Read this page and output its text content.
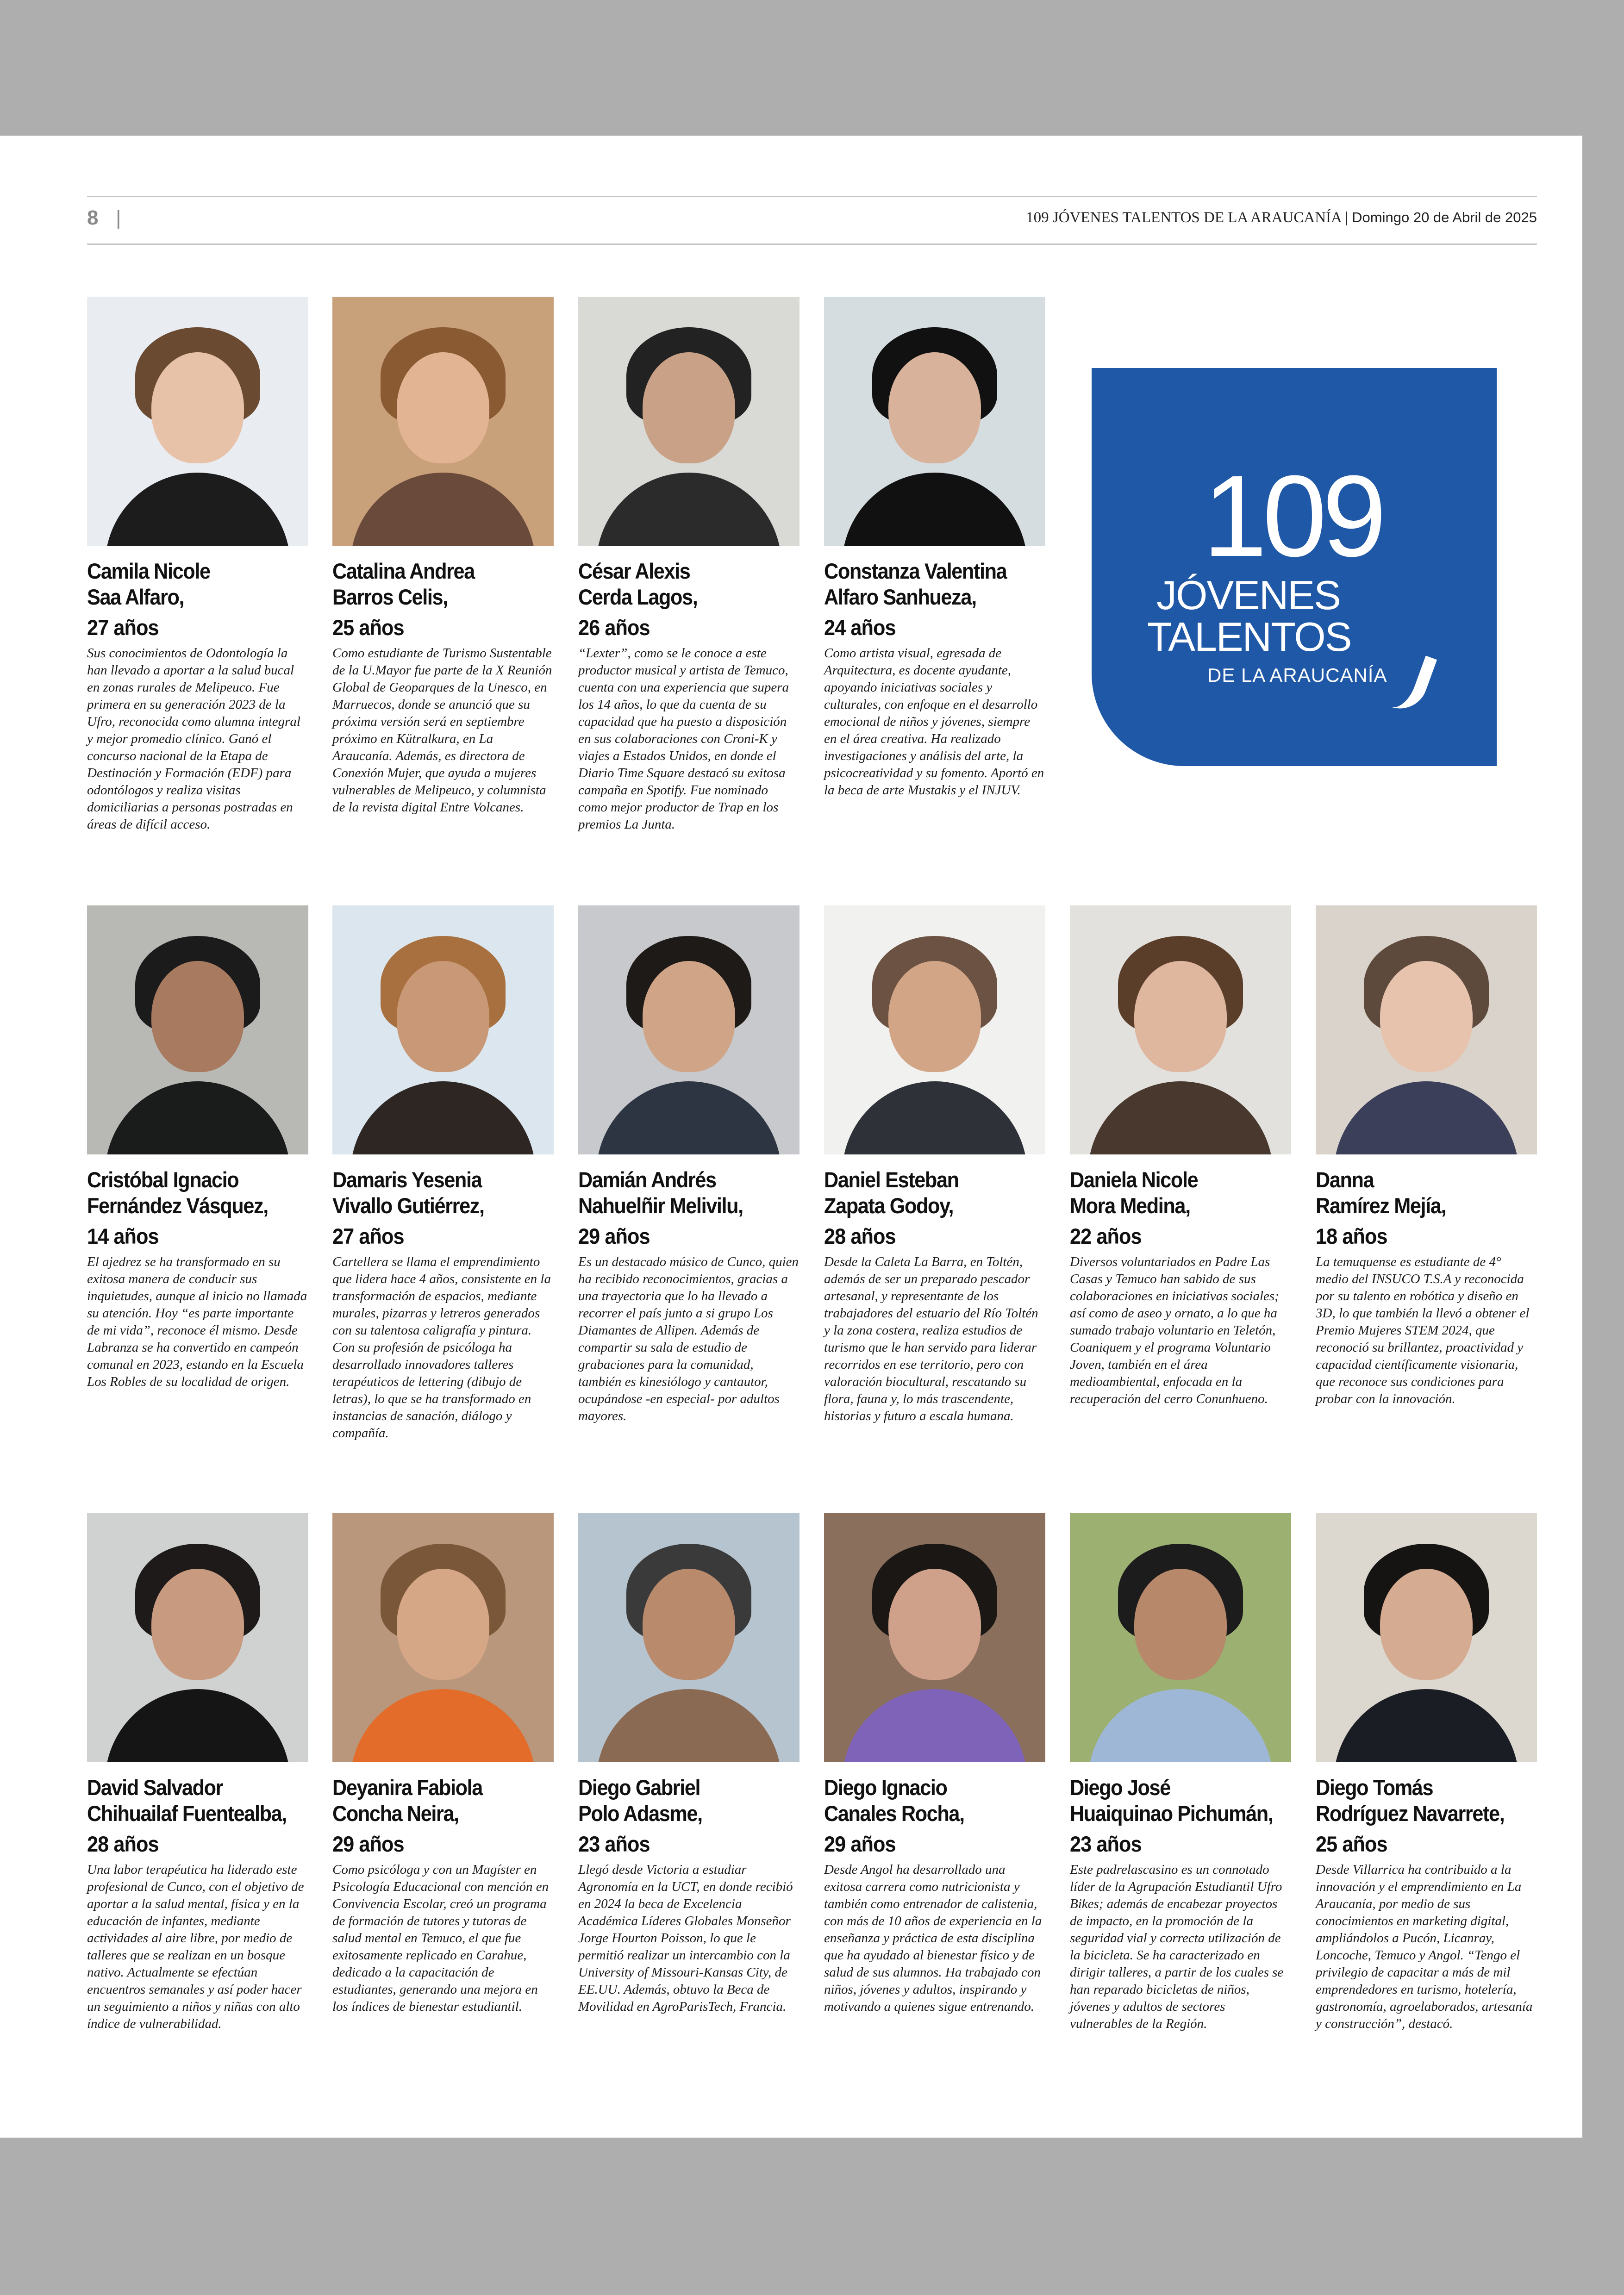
8 |	109 JÓVENES TALENTOS DE LA ARAUCANÍA | Domingo 20 de Abril de 2025
109
JÓVENES
TALENTOS
DE LA ARAUCANÍA
Camila Nicole
Saa Alfaro,
27 años
Sus conocimientos de Odontología la han llevado a aportar a la salud bucal en zonas rurales de Melipeuco. Fue primera en su generación 2023 de la Ufro, reconocida como alumna integral y mejor promedio clínico. Ganó el concurso nacional de la Etapa de Destinación y Formación (EDF) para odontólogos y realiza visitas domiciliarias a personas postradas en áreas de difícil acceso.
Catalina Andrea
Barros Celis,
25 años
Como estudiante de Turismo Sustentable de la U.Mayor fue parte de la X Reunión Global de Geoparques de la Unesco, en Marruecos, donde se anunció que su próxima versión será en septiembre próximo en Kütralkura, en La Araucanía. Además, es directora de Conexión Mujer, que ayuda a mujeres vulnerables de Melipeuco, y columnista de la revista digital Entre Volcanes.
César Alexis
Cerda Lagos,
26 años
“Lexter”, como se le conoce a este productor musical y artista de Temuco, cuenta con una experiencia que supera los 14 años, lo que da cuenta de su capacidad que ha puesto a disposición en sus colaboraciones con Croni-K y viajes a Estados Unidos, en donde el Diario Time Square destacó su exitosa campaña en Spotify. Fue nominado como mejor productor de Trap en los premios La Junta.
Constanza Valentina
Alfaro Sanhueza,
24 años
Como artista visual, egresada de Arquitectura, es docente ayudante, apoyando iniciativas sociales y culturales, con enfoque en el desarrollo emocional de niños y jóvenes, siempre en el área creativa. Ha realizado investigaciones y análisis del arte, la psicocreatividad y su fomento. Aportó en la beca de arte Mustakis y el INJUV.
Cristóbal Ignacio
Fernández Vásquez,
14 años
El ajedrez se ha transformado en su exitosa manera de conducir sus inquietudes, aunque al inicio no llamada su atención. Hoy “es parte importante de mi vida”, reconoce él mismo. Desde Labranza se ha convertido en campeón comunal en 2023, estando en la Escuela Los Robles de su localidad de origen.
Damaris Yesenia
Vivallo Gutiérrez,
27 años
Cartellera se llama el emprendimiento que lidera hace 4 años, consistente en la transformación de espacios, mediante murales, pizarras y letreros generados con su talentosa caligrafía y pintura. Con su profesión de psicóloga ha desarrollado innovadores talleres terapéuticos de lettering (dibujo de letras), lo que se ha transformado en instancias de sanación, diálogo y compañía.
Damián Andrés
Nahuelñir Melivilu,
29 años
Es un destacado músico de Cunco, quien ha recibido reconocimientos, gracias a una trayectoria que lo ha llevado a recorrer el país junto a si grupo Los Diamantes de Allipen. Además de compartir su sala de estudio de grabaciones para la comunidad, también es kinesiólogo y cantautor, ocupándose -en especial- por adultos mayores.
Daniel Esteban
Zapata Godoy,
28 años
Desde la Caleta La Barra, en Toltén, además de ser un preparado pescador artesanal, y representante de los trabajadores del estuario del Río Toltén y la zona costera, realiza estudios de turismo que le han servido para liderar recorridos en ese territorio, pero con valoración biocultural, rescatando su flora, fauna y, lo más trascendente, historias y futuro a escala humana.
Daniela Nicole
Mora Medina,
22 años
Diversos voluntariados en Padre Las Casas y Temuco han sabido de sus colaboraciones en iniciativas sociales; así como de aseo y ornato, a lo que ha sumado trabajo voluntario en Teletón, Coaniquem y el programa Voluntario Joven, también en el área medioambiental, enfocada en la recuperación del cerro Conunhueno.
Danna
Ramírez Mejía,
18 años
La temuquense es estudiante de 4° medio del INSUCO T.S.A y reconocida por su talento en robótica y diseño en 3D, lo que también la llevó a obtener el Premio Mujeres STEM 2024, que reconoció su brillantez, proactividad y capacidad científicamente visionaria, que reconoce sus condiciones para probar con la innovación.
David Salvador
Chihuailaf Fuentealba,
28 años
Una labor terapéutica ha liderado este profesional de Cunco, con el objetivo de aportar a la salud mental, física y en la educación de infantes, mediante actividades al aire libre, por medio de talleres que se realizan en un bosque nativo. Actualmente se efectúan encuentros semanales y así poder hacer un seguimiento a niños y niñas con alto índice de vulnerabilidad.
Deyanira Fabiola
Concha Neira,
29 años
Como psicóloga y con un Magíster en Psicología Educacional con mención en Convivencia Escolar, creó un programa de formación de tutores y tutoras de salud mental en Temuco, el que fue exitosamente replicado en Carahue, dedicado a la capacitación de estudiantes, generando una mejora en los índices de bienestar estudiantil.
Diego Gabriel
Polo Adasme,
23 años
Llegó desde Victoria a estudiar Agronomía en la UCT, en donde recibió en 2024 la beca de Excelencia Académica Líderes Globales Monseñor Jorge Hourton Poisson, lo que le permitió realizar un intercambio con la University of Missouri-Kansas City, de EE.UU. Además, obtuvo la Beca de Movilidad en AgroParisTech, Francia.
Diego Ignacio
Canales Rocha,
29 años
Desde Angol ha desarrollado una exitosa carrera como nutricionista y también como entrenador de calistenia, con más de 10 años de experiencia en la enseñanza y práctica de esta disciplina que ha ayudado al bienestar físico y de salud de sus alumnos. Ha trabajado con niños, jóvenes y adultos, inspirando y motivando a quienes sigue entrenando.
Diego José
Huaiquinao Pichumán,
23 años
Este padrelascasino es un connotado líder de la Agrupación Estudiantil Ufro Bikes; además de encabezar proyectos de impacto, en la promoción de la seguridad vial y correcta utilización de la bicicleta. Se ha caracterizado en dirigir talleres, a partir de los cuales se han reparado bicicletas de niños, jóvenes y adultos de sectores vulnerables de la Región.
Diego Tomás
Rodríguez Navarrete,
25 años
Desde Villarrica ha contribuido a la innovación y el emprendimiento en La Araucanía, por medio de sus conocimientos en marketing digital, ampliándolos a Pucón, Licanray, Loncoche, Temuco y Angol. “Tengo el privilegio de capacitar a más de mil emprendedores en turismo, hotelería, gastronomía, agroelaborados, artesanía y construcción”, destacó.
